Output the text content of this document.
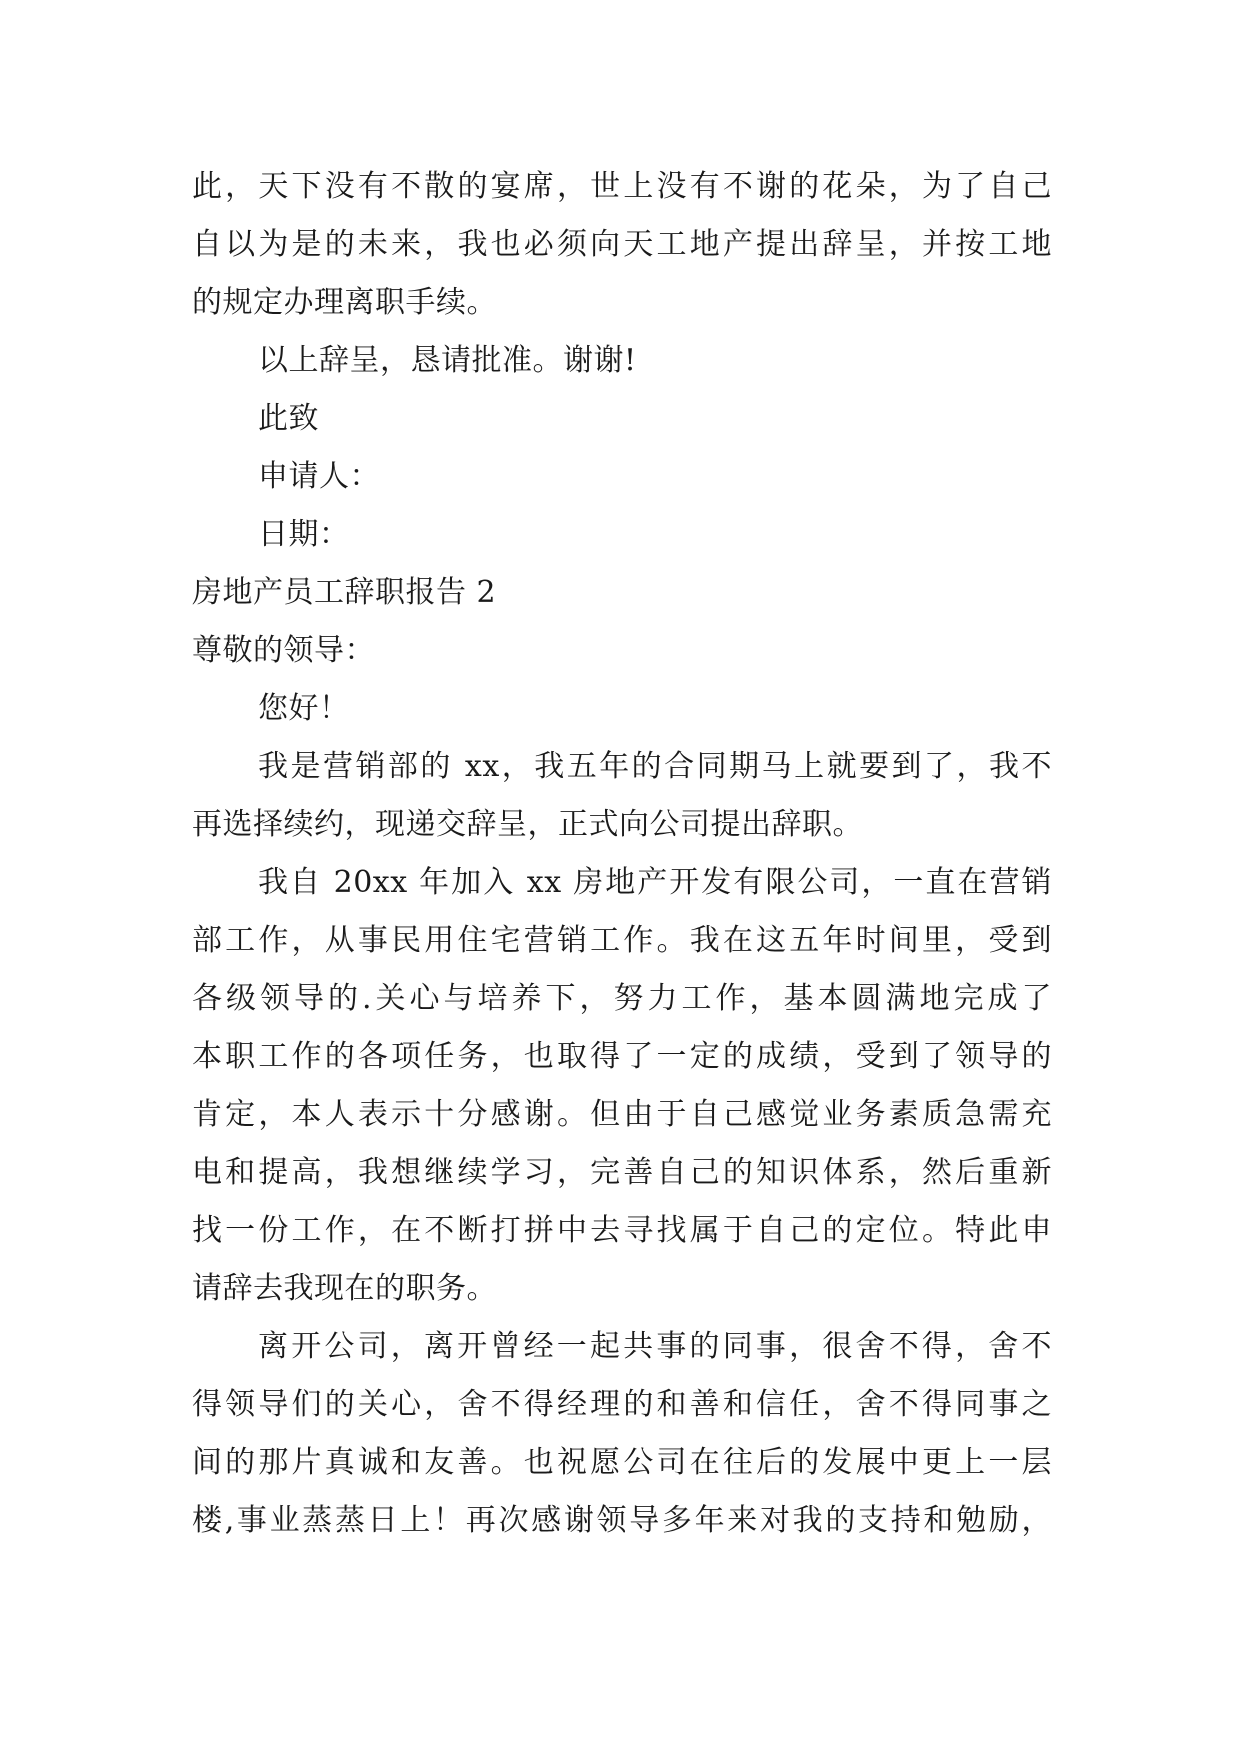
此，天下没有不散的宴席，世上没有不谢的花朵，为了自己
自以为是的未来，我也必须向天工地产提出辞呈，并按工地
的规定办理离职手续。
以上辞呈，恳请批准。谢谢!
此致
申请人：
日期：
房地产员工辞职报告 2
尊敬的领导：
您好！
我是营销部的 xx，我五年的合同期马上就要到了，我不
再选择续约，现递交辞呈，正式向公司提出辞职。
我自 20xx 年加入 xx 房地产开发有限公司，一直在营销
部工作，从事民用住宅营销工作。我在这五年时间里，受到
各级领导的.关心与培养下，努力工作，基本圆满地完成了
本职工作的各项任务，也取得了一定的成绩，受到了领导的
肯定，本人表示十分感谢。但由于自己感觉业务素质急需充
电和提高，我想继续学习，完善自己的知识体系，然后重新
找一份工作，在不断打拼中去寻找属于自己的定位。特此申
请辞去我现在的职务。
离开公司，离开曾经一起共事的同事，很舍不得，舍不
得领导们的关心，舍不得经理的和善和信任，舍不得同事之
间的那片真诚和友善。也祝愿公司在往后的发展中更上一层
楼,事业蒸蒸日上！再次感谢领导多年来对我的支持和勉励，
